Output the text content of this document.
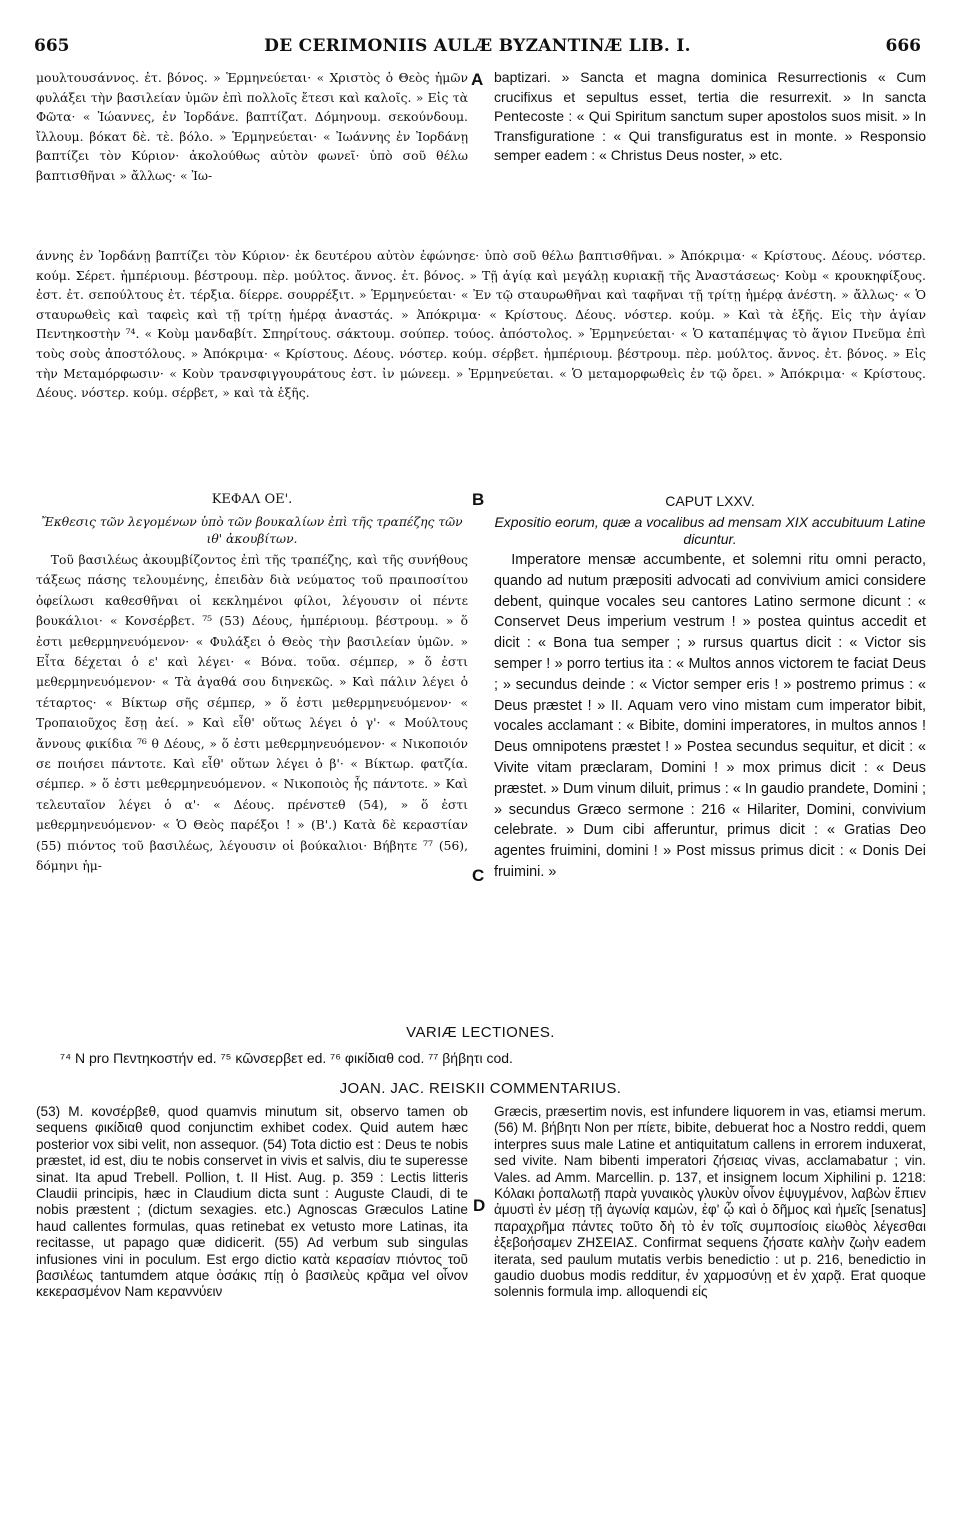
665	DE CERIMONIIS AULÆ BYZANTINÆ LIB. I.	666

μουλτουσάννος. ἐτ. βόνος. » Ἑρμηνεύεται· « Χριστὸς ὁ Θεὸς ἡμῶν φυλάξει τὴν βασιλείαν ὑμῶν ἐπὶ πολλοῖς ἔτεσι καὶ καλοῖς. » Εἰς τὰ Φῶτα· « Ἰώαννες, ἐν Ἰορδάνε. βαπτίζατ. Δόμηνουμ. σεκούνδουμ. ἴλλουμ. βόκατ δὲ. τὲ. βόλο. » Ἑρμηνεύεται· « Ἰωάννης ἐν Ἰορδάνῃ βαπτίζει τὸν Κύριον· ἀκολούθως αὐτὸν φωνεῖ· ὑπὸ σοῦ θέλω βαπτισθῆναι » ἄλλως· « Ἰω-

A baptizari. » Sancta et magna dominica Resurrectionis « Cum crucifixus et sepultus esset, tertia die resurrexit. » In sancta Pentecoste : « Qui Spiritum sanctum super apostolos suos misit. » In Transfiguratione : « Qui transfiguratus est in monte. » Responsio semper eadem : « Christus Deus noster, » etc.

άννης ἐν Ἰορδάνῃ βαπτίζει τὸν Κύριον· ἐκ δευτέρου αὐτὸν ἐφώνησε· ὑπὸ σοῦ θέλω βαπτισθῆναι. » Ἀπόκριμα· « Κρίστους. Δέους. νόστερ. κούμ. Σέρετ. ἡμπέριουμ. βέστρουμ. πὲρ. μούλτος. ἄννος. ἐτ. βόνος. » Τῇ ἁγίᾳ καὶ μεγάλῃ κυριακῇ τῆς Ἀναστάσεως· Κοὺμ « κρουκηφίξους. ἐστ. ἐτ. σεπούλτους ἐτ. τέρξια. δίερρε. σουρρέξιτ. » Ἑρμηνεύεται· « Ἐν τῷ σταυρωθῆναι καὶ ταφῆναι τῇ τρίτῃ ἡμέρᾳ ἀνέστη. » ἄλλως· « Ὁ σταυρωθεὶς καὶ ταφεὶς καὶ τῇ τρίτῃ ἡμέρᾳ ἀναστάς. » Ἀπόκριμα· « Κρίστους. Δέους. νόστερ. κούμ. » Καὶ τὰ ἑξῆς. Εἰς τὴν ἁγίαν Πεντηκοστὴν ⁷⁴. « Κοὺμ μανδαβίτ. Σπηρίτους. σάκτουμ. σούπερ. τούος. ἀπόστολος. » Ἑρμηνεύεται· « Ὁ καταπέμψας τὸ ἅγιον Πνεῦμα ἐπὶ τοὺς σοὺς ἀποστόλους. » Ἀπόκριμα· « Κρίστους. Δέους. νόστερ. κούμ. σέρβετ. ἡμπέριουμ. βέστρουμ. πὲρ. μούλτος. ἄννος. ἐτ. βόνος. » Εἰς τὴν Μεταμόρφωσιν· « Κοὺν τρανσφιγγουράτους ἐστ. ἰν μώνεεμ. » Ἑρμηνεύεται. « Ὁ μεταμορφωθεὶς ἐν τῷ ὄρει. » Ἀπόκριμα· « Κρίστους. Δέους. νόστερ. κούμ. σέρβετ, » καὶ τὰ ἑξῆς.

ΚΕΦΑΛ ΟΕ'.	B	CAPUT LXXV.

Ἔκθεσις τῶν λεγομένων ὑπὸ τῶν βουκαλίων ἐπὶ τῆς τραπέζης τῶν ιθ' ἀκουβίτων.

Τοῦ βασιλέως ἀκουμβίζοντος ἐπὶ τῆς τραπέζης, καὶ τῆς συνήθους τάξεως πάσης τελουμένης, ἐπειδὰν διὰ νεύματος τοῦ πραιποσίτου ὀφείλωσι καθεσθῆναι οἱ κεκλημένοι φίλοι, λέγουσιν οἱ πέντε βουκάλιοι· « Κονσέρβετ. ⁷⁵ (53) Δέους, ἡμπέριουμ. βέστρουμ. » ὅ ἐστι μεθερμηνευόμενον· « Φυλάξει ὁ Θεὸς τὴν βασιλείαν ὑμῶν. » Εἶτα δέχεται ὁ ε' καὶ λέγει· « Βόνα. τοῦα. σέμπερ, » ὅ ἐστι μεθερμηνευόμενον· « Τὰ ἀγαθά σου διηνεκῶς. » Καὶ πάλιν λέγει ὁ τέταρτος· « Βίκτωρ σῆς σέμπερ, » ὅ ἐστι μεθερμηνευόμενον· « Τροπαιοῦχος ἔσῃ ἀεί. » Καὶ εἶθ' οὕτως λέγει ὁ γ'· « Μούλτους ἄννους φικίδια ⁷⁶ θ Δέους, » ὅ ἐστι μεθερμηνευόμενον· « Νικοποιόν σε ποιήσει πάντοτε. Καὶ εἶθ' οὕτων λέγει ὁ β'· « Βίκτωρ. φατζία. σέμπερ. » ὅ ἐστι μεθερμηνευόμενον. « Νικοποιὸς ἧς πάντοτε. » Καὶ τελευταῖον λέγει ὁ α'· « Δέους. πρένστεθ (54), » ὅ ἐστι μεθερμηνευόμενον· « Ὁ Θεὸς παρέξοι ! » (Β'.) Κατὰ δὲ κεραστίαν (55) πιόντος τοῦ βασιλέως, λέγουσιν οἱ βούκαλιοι· Βήβητε ⁷⁷ (56), δόμηνι ἡμ-	C

Expositio eorum, quæ a vocalibus ad mensam XIX accubituum Latine dicuntur.

Imperatore mensæ accumbente, et solemni ritu omni peracto, quando ad nutum præpositi advocati ad convivium amici considere debent, quinque vocales seu cantores Latino sermone dicunt : « Conservet Deus imperium vestrum ! » postea quintus accedit et dicit : « Bona tua semper ; » rursus quartus dicit : « Victor sis semper ! » porro tertius ita : « Multos annos victorem te faciat Deus ; » secundus deinde : « Victor semper eris ! » postremo primus : « Deus præstet ! » II. Aquam vero vino mistam cum imperator bibit, vocales acclamant : « Bibite, domini imperatores, in multos annos ! Deus omnipotens præstet ! » Postea secundus sequitur, et dicit : « Vivite vitam præclaram, Domini ! » mox primus dicit : « Deus præstet. » Dum vinum diluit, primus : « In gaudio prandete, Domini ; » secundus Græco sermone : 216 « Hilariter, Domini, convivium celebrate. » Dum cibi afferuntur, primus dicit : « Gratias Deo agentes fruimini, domini ! » Post missus primus dicit : « Donis Dei fruimini. »

VARIÆ LECTIONES.
⁷⁴ N pro Πεντηκοστήν ed. ⁷⁵ κῶνσερβετ ed. ⁷⁶ φικίδιαθ cod. ⁷⁷ βήβητι cod.
JOAN. JAC. REISKII COMMENTARIUS.

(53) M. κονσέρβεθ, quod quamvis minutum sit, observo tamen ob sequens φικίδιαθ quod conjunctim exhibet codex. Quid autem hæc posterior vox sibi velit, non assequor. (54) Tota dictio est : Deus te nobis præstet, id est, diu te nobis conservet in vivis et salvis, diu te superesse sinat. Ita apud Trebell. Pollion, t. II Hist. Aug. p. 359 : Lectis litteris Claudii principis, hæc in Claudium dicta sunt : Auguste Claudi, di te nobis præstent ; (dictum sexagies. etc.) Agnoscas Græculos Latine haud callentes formulas, quas retinebat ex vetusto more Latinas, ita recitasse, ut papago quæ didicerit. (55) Ad verbum sub singulas infusiones vini in poculum. Est ergo dictio κατὰ κερασίαν πιόντος τοῦ βασιλέως tantumdem atque ὁσάκις πίῃ ὁ βασιλεὺς κρᾶμα vel οἶνον κεκερασμένον Nam κεραννύειν

D

Græcis, præsertim novis, est infundere liquorem in vas, etiamsi merum. (56) M. βήβητι Non per πίετε, bibite, debuerat hoc a Nostro reddi, quem interpres suus male Latine et antiquitatum callens in errorem induxerat, sed vivite. Nam bibenti imperatori ζήσειας vivas, acclamabatur ; vin. Vales. ad Amm. Marcellin. p. 137, et insignem locum Xiphilini p. 1218: Κόλακι ῥοπαλωτῇ παρὰ γυναικὸς γλυκὺν οἶνον ἐψυγμένον, λαβὼν ἔπιεν ἀμυστὶ ἐν μέσῃ τῇ ἀγωνίᾳ καμὼν, ἐφ' ᾧ καὶ ὁ δῆμος καὶ ἡμεῖς [senatus] παραχρῆμα πάντες τοῦτο δὴ τὸ ἐν τοῖς συμποσίοις εἰωθὸς λέγεσθαι ἐξεβοήσαμεν ΖΗΣΕΙΑΣ. Confirmat sequens ζήσατε καλὴν ζωὴν eadem iterata, sed paulum mutatis verbis benedictio : ut p. 216, benedictio in gaudio duobus modis redditur, ἐν χαρμοσύνῃ et ἐν χαρᾷ. Erat quoque solennis formula imp. alloquendi εἰς
